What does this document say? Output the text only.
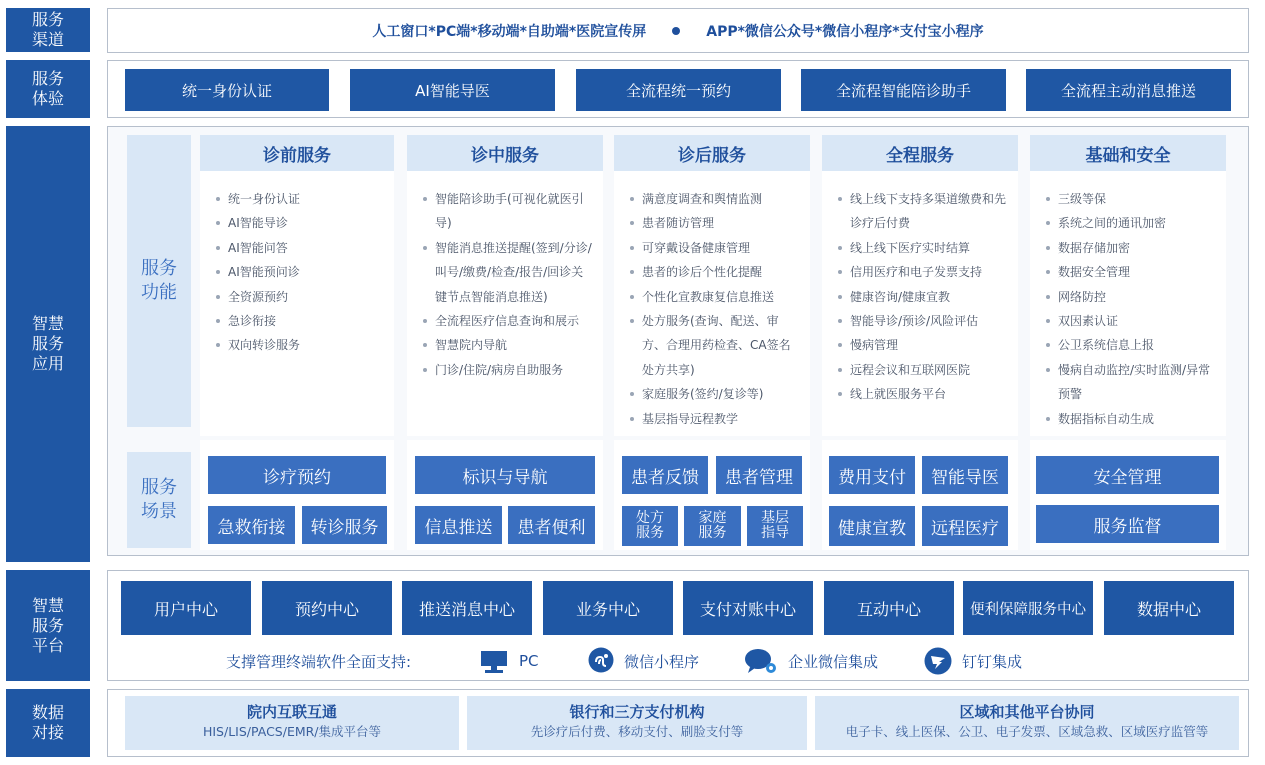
服务
渠道
服务
体验
智慧
服务
应用
智慧
服务
平台
数据
对接
人工窗口*PC端*移动端*自助端*医院宣传屏	APP*微信公众号*微信小程序*支付宝小程序
统一身份认证	AI智能导医	全流程统一预约	全流程智能陪诊助手	全流程主动消息推送
服务
功能
服务
场景
诊前服务
统一身份认证
AI智能导诊
AI智能问答
AI智能预问诊
全资源预约
急诊衔接
双向转诊服务
诊中服务
智能陪诊助手(可视化就医引导)
智能消息推送提醒(签到/分诊/叫号/缴费/检查/报告/回诊关键节点智能消息推送)
全流程医疗信息查询和展示
智慧院内导航
门诊/住院/病房自助服务
诊后服务
满意度调查和舆情监测
患者随访管理
可穿戴设备健康管理
患者的诊后个性化提醒
个性化宣教康复信息推送
处方服务(查询、配送、审方、合理用药检查、CA签名处方共享)
家庭服务(签约/复诊等)
基层指导远程教学
全程服务
线上线下支持多渠道缴费和先诊疗后付费
线上线下医疗实时结算
信用医疗和电子发票支持
健康咨询/健康宣教
智能导诊/预诊/风险评估
慢病管理
远程会议和互联网医院
线上就医服务平台
基础和安全
三级等保
系统之间的通讯加密
数据存储加密
数据安全管理
网络防控
双因素认证
公卫系统信息上报
慢病自动监控/实时监测/异常预警
数据指标自动生成
诊疗预约
急救衔接	转诊服务
标识与导航
信息推送	患者便利
患者反馈	患者管理
处方
服务
家庭
服务
基层
指导
费用支付	智能导医
健康宣教	远程医疗
安全管理
服务监督
用户中心	预约中心	推送消息中心	业务中心	支付对账中心	互动中心	便利保障服务中心	数据中心
支撑管理终端软件全面支持:	PC	微信小程序	企业微信集成	钉钉集成
院内互联互通
HIS/LIS/PACS/EMR/集成平台等
银行和三方支付机构
先诊疗后付费、移动支付、刷脸支付等
区域和其他平台协同
电子卡、线上医保、公卫、电子发票、区域急救、区域医疗监管等
